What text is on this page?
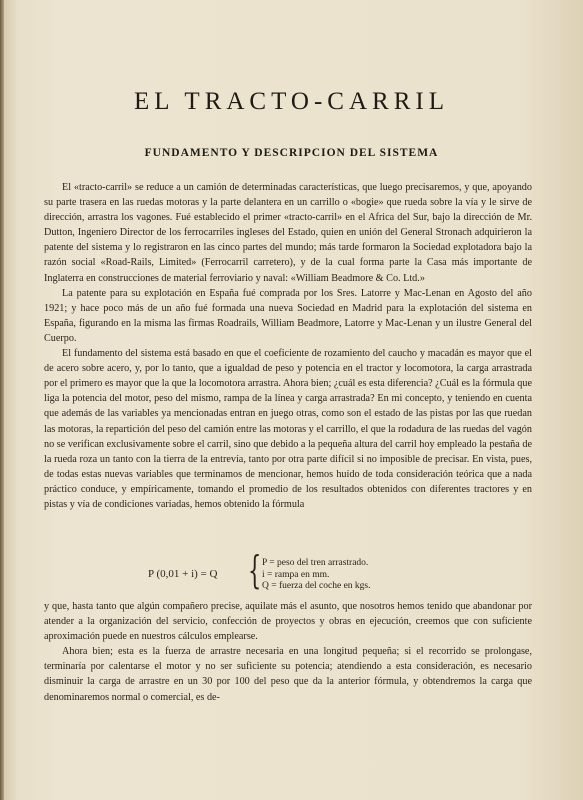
EL TRACTO-CARRIL
FUNDAMENTO Y DESCRIPCION DEL SISTEMA

El «tracto-carril» se reduce a un camión de determinadas características, que luego precisaremos, y que, apoyando su parte trasera en las ruedas motoras y la parte delantera en un carrillo o «bogie» que rueda sobre la vía y le sirve de dirección, arrastra los vagones. Fué establecido el primer «tracto-carril» en el Africa del Sur, bajo la dirección de Mr. Dutton, Ingeniero Director de los ferrocarriles ingleses del Estado, quien en unión del General Stronach adquirieron la patente del sistema y lo registraron en las cinco partes del mundo; más tarde formaron la Sociedad explotadora bajo la razón social «Road-Rails, Limited» (Ferrocarril carretero), y de la cual forma parte la Casa más importante de Inglaterra en construcciones de material ferroviario y naval: «William Beadmore & Co. Ltd.»

La patente para su explotación en España fué comprada por los Sres. Latorre y Mac-Lenan en Agosto del año 1921; y hace poco más de un año fué formada una nueva Sociedad en Madrid para la explotación del sistema en España, figurando en la misma las firmas Roadrails, William Beadmore, Latorre y Mac-Lenan y un ilustre General del Cuerpo.

El fundamento del sistema está basado en que el coeficiente de rozamiento del caucho y macadán es mayor que el de acero sobre acero, y, por lo tanto, que a igualdad de peso y potencia en el tractor y locomotora, la carga arrastrada por el primero es mayor que la que la locomotora arrastra. Ahora bien; ¿cuál es esta diferencia? ¿Cuál es la fórmula que liga la potencia del motor, peso del mismo, rampa de la línea y carga arrastrada? En mi concepto, y teniendo en cuenta que además de las variables ya mencionadas entran en juego otras, como son el estado de las pistas por las que ruedan las motoras, la repartición del peso del camión entre las motoras y el carrillo, el que la rodadura de las ruedas del vagón no se verifican exclusivamente sobre el carril, sino que debido a la pequeña altura del carril hoy empleado la pestaña de la rueda roza un tanto con la tierra de la entrevía, tanto por otra parte difícil si no imposible de precisar. En vista, pues, de todas estas nuevas variables que terminamos de mencionar, hemos huído de toda consideración teórica que a nada práctico conduce, y empíricamente, tomando el promedio de los resultados obtenidos con diferentes tractores y en pistas y vía de condiciones variadas, hemos obtenido la fórmula

P (0,01 + i) = Q { P = peso del tren arrastrado.
i = rampa en mm.
Q = fuerza del coche en kgs.

y que, hasta tanto que algún compañero precise, aquilate más el asunto, que nosotros hemos tenido que abandonar por atender a la organización del servicio, confección de proyectos y obras en ejecución, creemos que con suficiente aproximación puede en nuestros cálculos emplearse.

Ahora bien; esta es la fuerza de arrastre necesaria en una longitud pequeña; si el recorrido se prolongase, terminaría por calentarse el motor y no ser suficiente su potencia; atendiendo a esta consideración, es necesario disminuir la carga de arrastre en un 30 por 100 del peso que da la anterior fórmula, y obtendremos la carga que denominaremos normal o comercial, es de-
